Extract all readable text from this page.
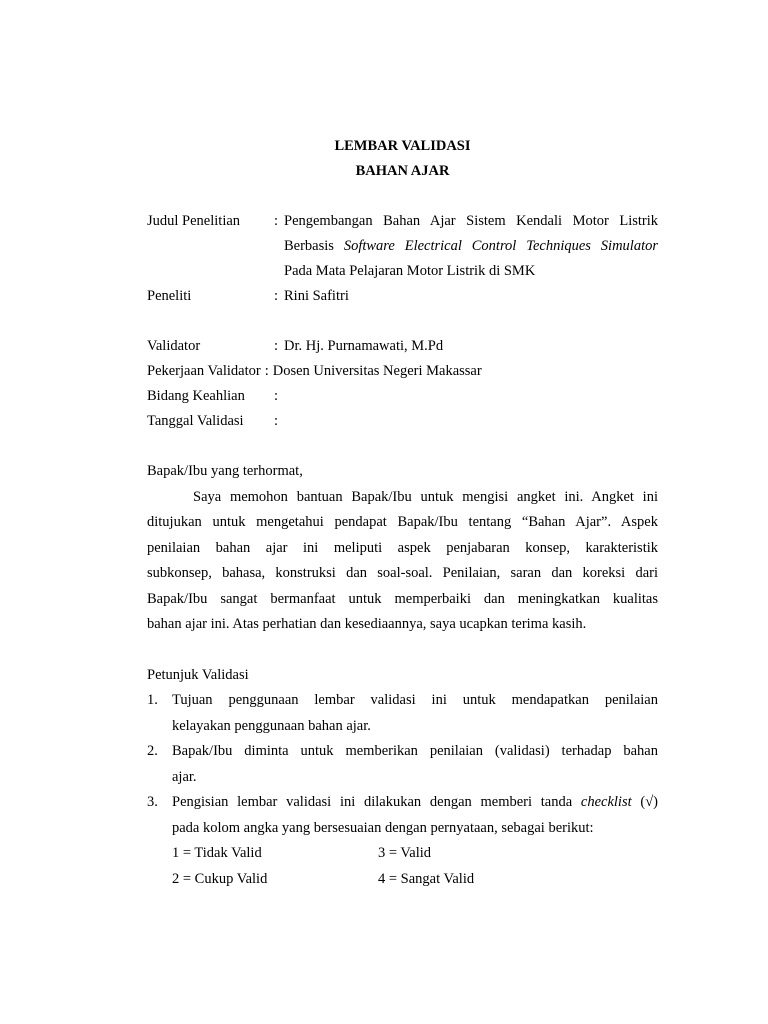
LEMBAR VALIDASI
BAHAN AJAR
Judul Penelitian	: Pengembangan Bahan Ajar Sistem Kendali Motor Listrik
Berbasis Software Electrical Control Techniques Simulator
Pada Mata Pelajaran Motor Listrik di SMK
Peneliti	: Rini Safitri
Validator	: Dr. Hj. Purnamawati, M.Pd
Pekerjaan Validator : Dosen Universitas Negeri Makassar
Bidang Keahlian	:
Tanggal Validasi	:
Bapak/Ibu yang terhormat,
Saya memohon bantuan Bapak/Ibu untuk mengisi angket ini. Angket ini
ditujukan untuk mengetahui pendapat Bapak/Ibu tentang “Bahan Ajar”. Aspek
penilaian bahan ajar ini meliputi aspek penjabaran konsep, karakteristik
subkonsep, bahasa, konstruksi dan soal-soal. Penilaian, saran dan koreksi dari
Bapak/Ibu sangat bermanfaat untuk memperbaiki dan meningkatkan kualitas
bahan ajar ini. Atas perhatian dan kesediaannya, saya ucapkan terima kasih.
Petunjuk Validasi
1. Tujuan penggunaan lembar validasi ini untuk mendapatkan penilaian
kelayakan penggunaan bahan ajar.
2. Bapak/Ibu diminta untuk memberikan penilaian (validasi) terhadap bahan
ajar.
3. Pengisian lembar validasi ini dilakukan dengan memberi tanda checklist (√)
pada kolom angka yang bersesuaian dengan pernyataan, sebagai berikut:
1 = Tidak Valid	3 = Valid
2 = Cukup Valid	4 = Sangat Valid
